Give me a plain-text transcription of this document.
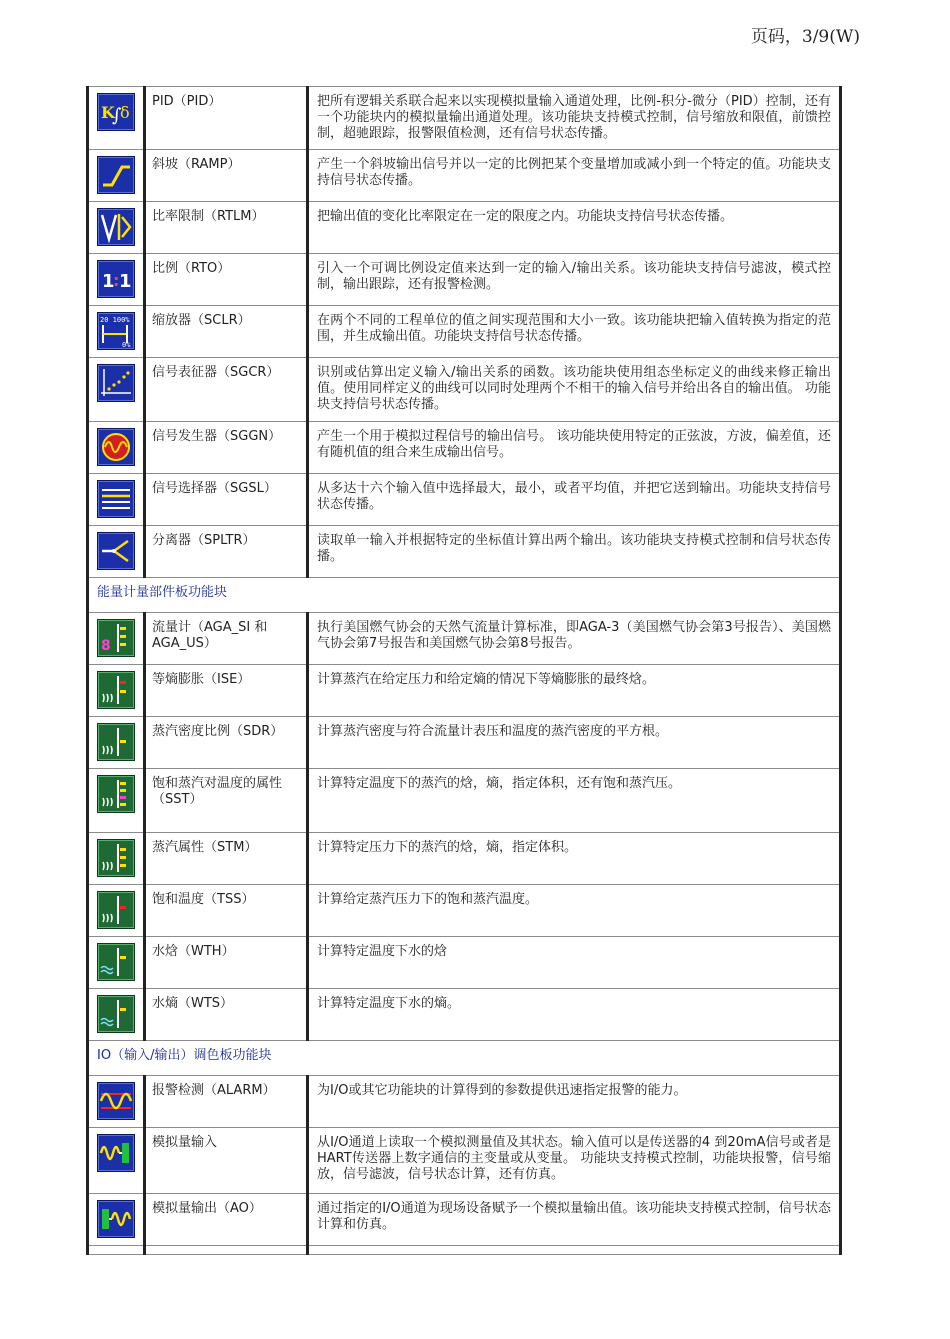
页码，3/9(W)
K
∫
δ	PID（PID）	把所有逻辑关系联合起来以实现模拟量输入通道处理，比例-积分-微分（PID）控制，还有一个功能块内的模拟量输出通道处理。该功能块支持模式控制，信号缩放和限值，前馈控制，超驰跟踪，报警限值检测，还有信号状态传播。

	斜坡（RAMP）	产生一个斜坡输出信号并以一定的比例把某个变量增加或减小到一个特定的值。功能块支持信号状态传播。

	比率限制（RTLM）	把输出值的变化比率限定在一定的限度之内。功能块支持信号状态传播。

1
: 1	比例（RTO）	引入一个可调比例设定值来达到一定的输入/输出关系。该功能块支持信号滤波，模式控制，输出跟踪，还有报警检测。

20 100%
0%	缩放器（SCLR）	在两个不同的工程单位的值之间实现范围和大小一致。该功能块把输入值转换为指定的范围，并生成输出值。功能块支持信号状态传播。

	信号表征器（SGCR）	识别或估算出定义输入/输出关系的函数。该功能块使用组态坐标定义的曲线来修正输出值。使用同样定义的曲线可以同时处理两个不相干的输入信号并给出各自的输出值。 功能块支持信号状态传播。

	信号发生器（SGGN）	产生一个用于模拟过程信号的输出信号。 该功能块使用特定的正弦波，方波，偏差值，还有随机值的组合来生成输出信号。

	信号选择器（SGSL）	从多达十六个输入值中选择最大，最小，或者平均值，并把它送到输出。功能块支持信号状态传播。

	分离器（SPLTR）	读取单一输入并根据特定的坐标值计算出两个输出。该功能块支持模式控制和信号状态传播。
能量计量部件板功能块		

8	流量计（AGA_SI 和 AGA_US）	执行美国燃气协会的天然气流量计算标准，即AGA-3（美国燃气协会第3号报告）、美国燃气协会第7号报告和美国燃气协会第8号报告。

	等熵膨胀（ISE）	计算蒸汽在给定压力和给定熵的情况下等熵膨胀的最终焓。

	蒸汽密度比例（SDR）	计算蒸汽密度与符合流量计表压和温度的蒸汽密度的平方根。

	饱和蒸汽对温度的属性（SST）	计算特定温度下的蒸汽的焓，熵，指定体积，还有饱和蒸汽压。

	蒸汽属性（STM）	计算特定压力下的蒸汽的焓，熵，指定体积。

	饱和温度（TSS）	计算给定蒸汽压力下的饱和蒸汽温度。

	水焓（WTH）	计算特定温度下水的焓

	水熵（WTS）	计算特定温度下水的熵。
IO（输入/输出）调色板功能块		

	报警检测（ALARM）	为I/O或其它功能块的计算得到的参数提供迅速指定报警的能力。

	模拟量输入	从I/O通道上读取一个模拟测量值及其状态。输入值可以是传送器的4 到20mA信号或者是HART传送器上数字通信的主变量或从变量。 功能块支持模式控制，功能块报警，信号缩放，信号滤波，信号状态计算，还有仿真。

	模拟量输出（AO）	通过指定的I/O通道为现场设备赋予一个模拟量输出值。该功能块支持模式控制，信号状态计算和仿真。
